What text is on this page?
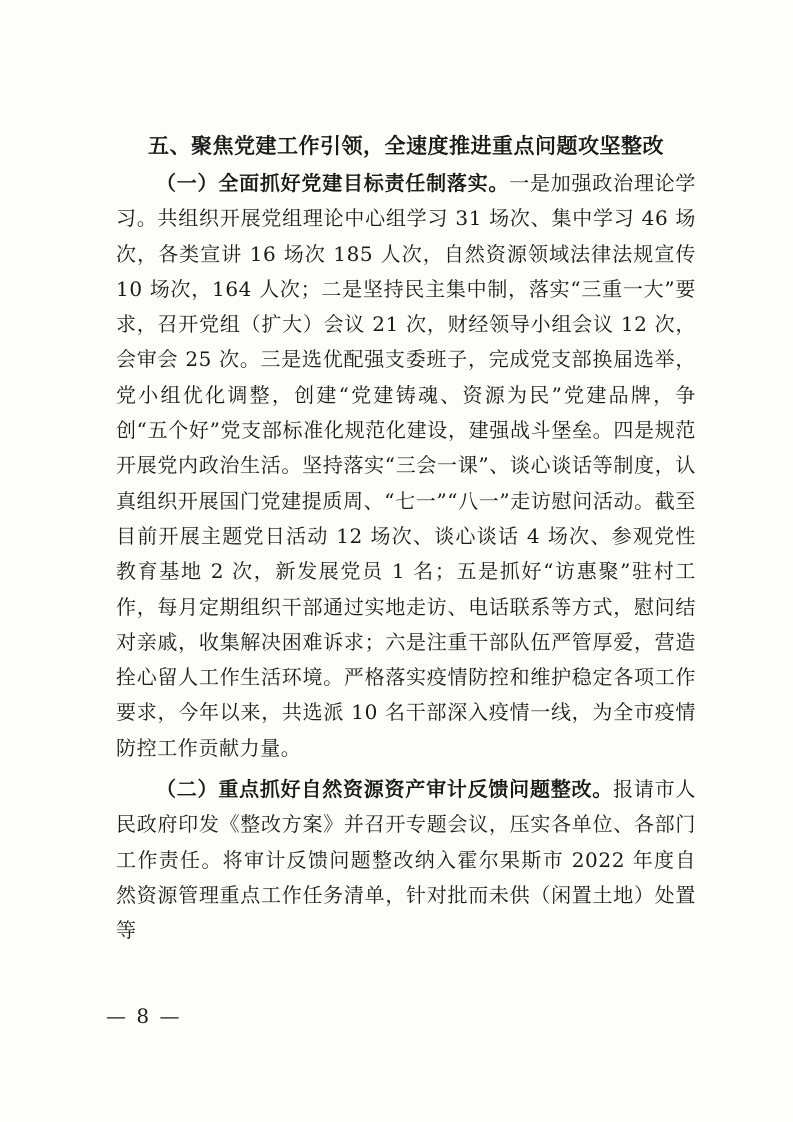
五、聚焦党建工作引领，全速度推进重点问题攻坚整改

（一）全面抓好党建目标责任制落实。一是加强政治理论学习。共组织开展党组理论中心组学习 31 场次、集中学习 46 场次，各类宣讲 16 场次 185 人次，自然资源领域法律法规宣传 10 场次，164 人次；二是坚持民主集中制，落实“三重一大”要求，召开党组（扩大）会议 21 次，财经领导小组会议 12 次，会审会 25 次。三是选优配强支委班子，完成党支部换届选举，党小组优化调整，创建“党建铸魂、资源为民”党建品牌，争创“五个好”党支部标准化规范化建设，建强战斗堡垒。四是规范开展党内政治生活。坚持落实“三会一课”、谈心谈话等制度，认真组织开展国门党建提质周、“七一”“八一”走访慰问活动。截至目前开展主题党日活动 12 场次、谈心谈话 4 场次、参观党性教育基地 2 次，新发展党员 1 名；五是抓好“访惠聚”驻村工作，每月定期组织干部通过实地走访、电话联系等方式，慰问结对亲戚，收集解决困难诉求；六是注重干部队伍严管厚爱，营造拴心留人工作生活环境。严格落实疫情防控和维护稳定各项工作要求，今年以来，共选派 10 名干部深入疫情一线，为全市疫情防控工作贡献力量。

（二）重点抓好自然资源资产审计反馈问题整改。报请市人民政府印发《整改方案》并召开专题会议，压实各单位、各部门工作责任。将审计反馈问题整改纳入霍尔果斯市 2022 年度自然资源管理重点工作任务清单，针对批而未供（闲置土地）处置等

— 8 —
